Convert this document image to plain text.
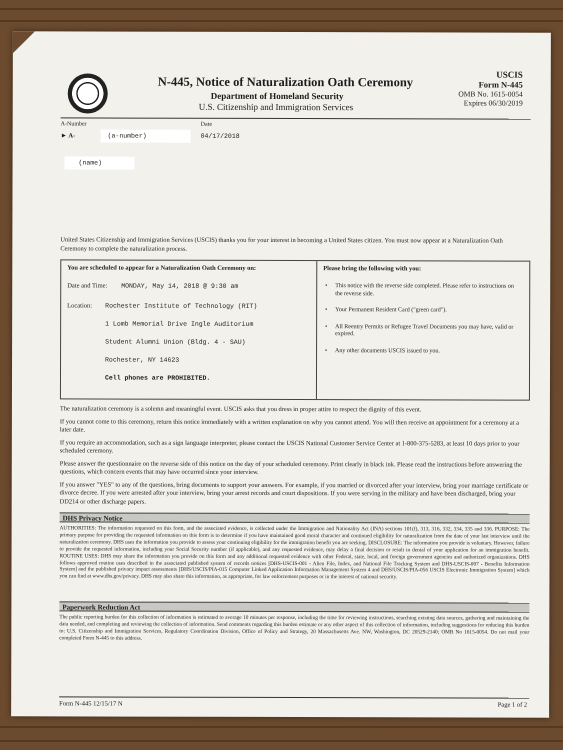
N-445, Notice of Naturalization Oath Ceremony
Department of Homeland Security
U.S. Citizenship and Immigration Services
USCIS
Form N-445
OMB No. 1615-0054
Expires 06/30/2019
A-Number
► A-	(a-number)
Date
04/17/2018
(name)
United States Citizenship and Immigration Services (USCIS) thanks you for your interest in becoming a United States citizen. You must now appear at a Naturalization Oath Ceremony to complete the naturalization process.
You are scheduled to appear for a Naturalization Oath Ceremony on:
Date and Time: MONDAY, May 14, 2018 @ 9:30 am
Location: Rochester Institute of Technology (RIT)
1 Lomb Memorial Drive Ingle Auditorium
Student Alumni Union (Bldg. 4 - SAU)
Rochester, NY 14623
Cell phones are PROHIBITED.
Please bring the following with you:
• This notice with the reverse side completed. Please refer to instructions on the reverse side.
• Your Permanent Resident Card ("green card").
• All Reentry Permits or Refugee Travel Documents you may have, valid or expired.
• Any other documents USCIS issued to you.
The naturalization ceremony is a solemn and meaningful event. USCIS asks that you dress in proper attire to respect the dignity of this event.
If you cannot come to this ceremony, return this notice immediately with a written explanation on why you cannot attend. You will then receive an appointment for a ceremony at a later date.
If you require an accommodation, such as a sign language interpreter, please contact the USCIS National Customer Service Center at 1-800-375-5283, at least 10 days prior to your scheduled ceremony.
Please answer the questionnaire on the reverse side of this notice on the day of your scheduled ceremony. Print clearly in black ink. Please read the instructions before answering the questions, which concern events that may have occurred since your interview.
If you answer "YES" to any of the questions, bring documents to support your answers. For example, if you married or divorced after your interview, bring your marriage certificate or divorce decree. If you were arrested after your interview, bring your arrest records and court dispositions. If you were serving in the military and have been discharged, bring your DD214 or other discharge papers.
DHS Privacy Notice
AUTHORITIES: The information requested on this form, and the associated evidence, is collected under the Immigration and Nationality Act (INA) sections 101(f), 313, 316, 332, 334, 335 and 336. PURPOSE: The primary purpose for providing the requested information on this form is to determine if you have maintained good moral character and continued eligibility for naturalization from the date of your last interview until the naturalization ceremony. DHS uses the information you provide to assess your continuing eligibility for the immigration benefit you are seeking. DISCLOSURE: The information you provide is voluntary. However, failure to provide the requested information, including your Social Security number (if applicable), and any requested evidence, may delay a final decision or result in denial of your application for an immigration benefit. ROUTINE USES: DHS may share the information you provide on this form and any additional requested evidence with other Federal, state, local, and foreign government agencies and authorized organizations. DHS follows approved routine uses described in the associated published system of records notices [DHS-USCIS-001 - Alien File, Index, and National File Tracking System and DHS-USCIS-007 - Benefits Information System] and the published privacy impact assessments [DHS/USCIS/PIA-015 Computer Linked Application Information Management System 4 and DHS/USCIS/PIA-056 USCIS Electronic Immigration System] which you can find at www.dhs.gov/privacy. DHS may also share this information, as appropriate, for law enforcement purposes or in the interest of national security.
Paperwork Reduction Act
The public reporting burden for this collection of information is estimated to average 10 minutes per response, including the time for reviewing instructions, searching existing data sources, gathering and maintaining the data needed, and completing and reviewing the collection of information. Send comments regarding this burden estimate or any other aspect of this collection of information, including suggestions for reducing this burden to: U.S. Citizenship and Immigration Services, Regulatory Coordination Division, Office of Policy and Strategy, 20 Massachusetts Ave. NW, Washington, DC 20529-2140; OMB No 1615-0054. Do not mail your completed Form N-445 to this address.
Form N-445 12/15/17 N	Page 1 of 2
